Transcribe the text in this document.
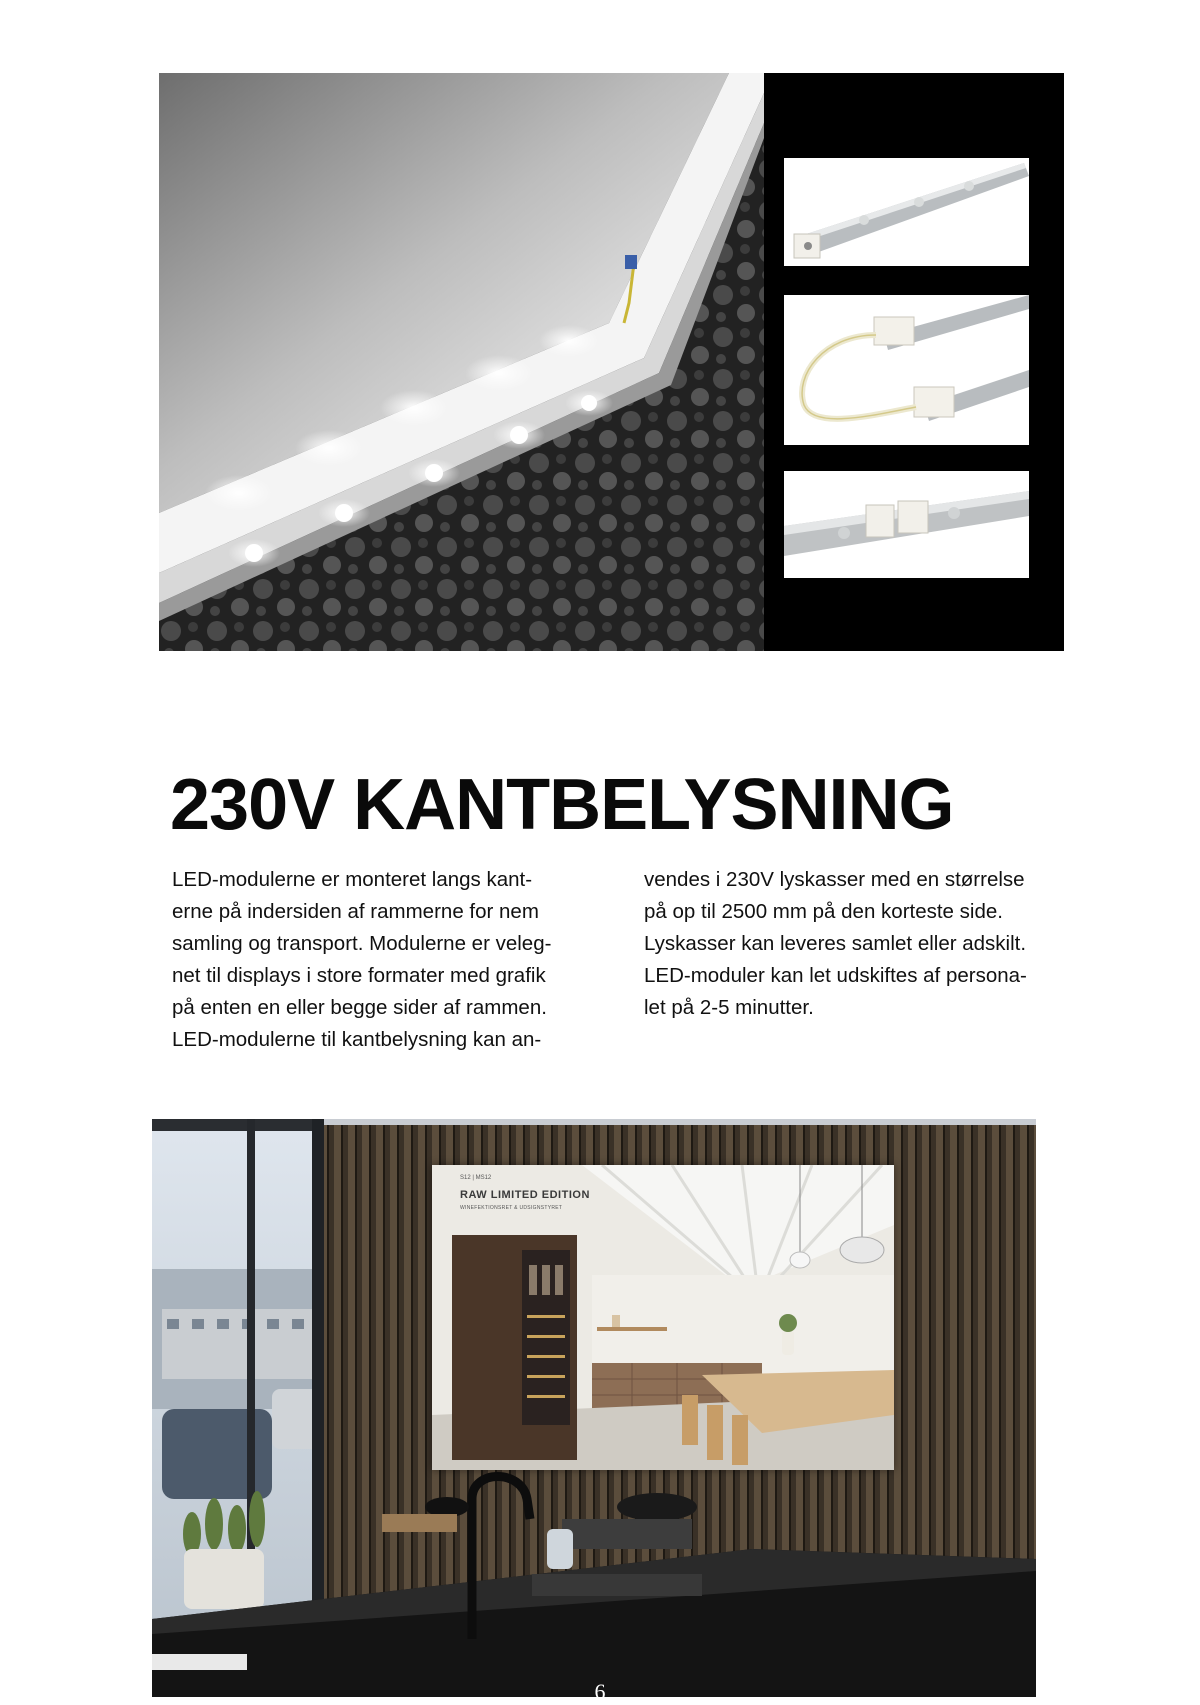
230V KANTBELYSNING
LED-modulerne er monteret langs kant-
erne på indersiden af rammerne for nem
samling og transport. Modulerne er veleg-
net til displays i store formater med grafik
på enten en eller begge sider af rammen.
LED-modulerne til kantbelysning kan an-
vendes i 230V lyskasser med en størrelse
på op til 2500 mm på den korteste side.
Lyskasser kan leveres samlet eller adskilt.
LED-moduler kan let udskiftes af persona-
let på 2-5 minutter.
S12 | MS12
RAW LIMITED EDITION
WINEFEKTIONSRET & UDSIGNSTYRET
6
